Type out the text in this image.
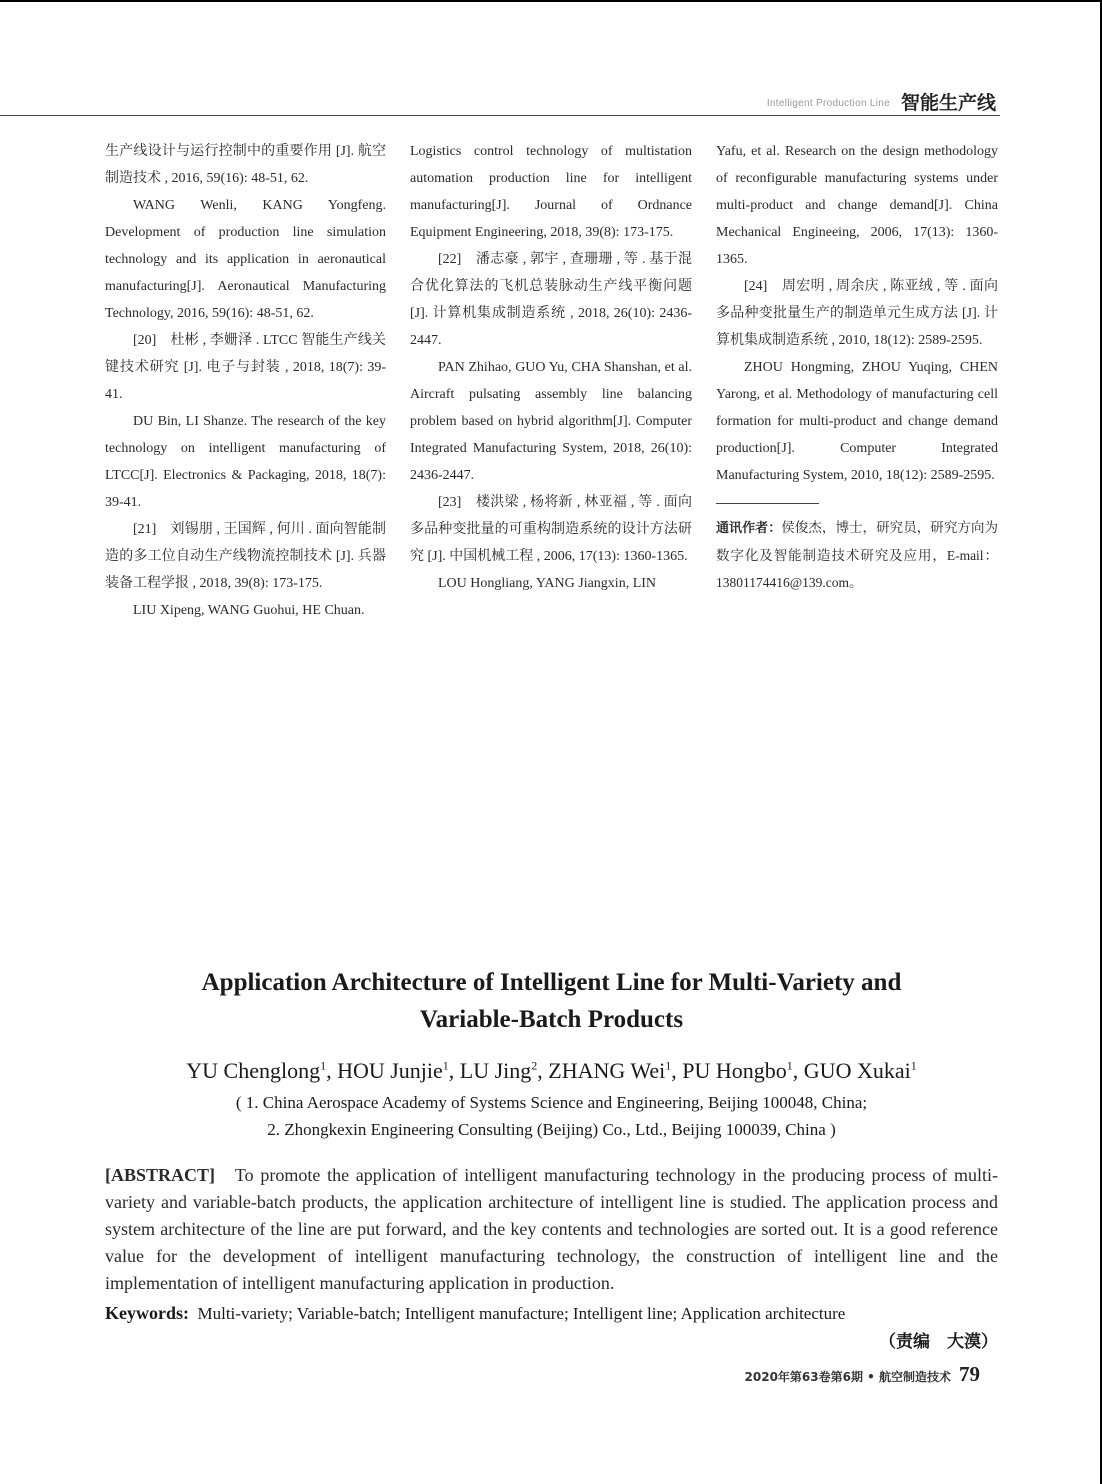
Intelligent Production Line 智能生产线

生产线设计与运行控制中的重要作用 [J]. 航空制造技术 , 2016, 59(16): 48-51, 62.

WANG Wenli, KANG Yongfeng. Development of production line simulation technology and its application in aeronautical manufacturing[J]. Aeronautical Manufacturing Technology, 2016, 59(16): 48-51, 62.

[20]　杜彬 , 李姗泽 . LTCC 智能生产线关键技术研究 [J]. 电子与封装 , 2018, 18(7): 39-41.

DU Bin, LI Shanze. The research of the key technology on intelligent manufacturing of LTCC[J]. Electronics & Packaging, 2018, 18(7): 39-41.

[21]　刘锡朋 , 王国辉 , 何川 . 面向智能制造的多工位自动生产线物流控制技术 [J]. 兵器装备工程学报 , 2018, 39(8): 173-175.

LIU Xipeng, WANG Guohui, HE Chuan.

Logistics control technology of multistation automation production line for intelligent manufacturing[J]. Journal of Ordnance Equipment Engineering, 2018, 39(8): 173-175.

[22]　潘志豪 , 郭宇 , 查珊珊 , 等 . 基于混合优化算法的飞机总装脉动生产线平衡问题 [J]. 计算机集成制造系统 , 2018, 26(10): 2436-2447.

PAN Zhihao, GUO Yu, CHA Shanshan, et al. Aircraft pulsating assembly line balancing problem based on hybrid algorithm[J]. Computer Integrated Manufacturing System, 2018, 26(10): 2436-2447.

[23]　楼洪梁 , 杨将新 , 林亚福 , 等 . 面向多品种变批量的可重构制造系统的设计方法研究 [J]. 中国机械工程 , 2006, 17(13): 1360-1365.

LOU Hongliang, YANG Jiangxin, LIN

Yafu, et al. Research on the design methodology of reconfigurable manufacturing systems under multi-product and change demand[J]. China Mechanical Engineeing, 2006, 17(13): 1360-1365.

[24]　周宏明 , 周余庆 , 陈亚绒 , 等 . 面向多品种变批量生产的制造单元生成方法 [J]. 计算机集成制造系统 , 2010, 18(12): 2589-2595.

ZHOU Hongming, ZHOU Yuqing, CHEN Yarong, et al. Methodology of manufacturing cell formation for multi-product and change demand production[J]. Computer Integrated Manufacturing System, 2010, 18(12): 2589-2595.

通讯作者：侯俊杰，博士，研究员，研究方向为数字化及智能制造技术研究及应用，E-mail：13801174416@139.com。

Application Architecture of Intelligent Line for Multi-Variety and
Variable-Batch Products
YU Chenglong$^1$, HOU Junjie$^1$, LU Jing$^2$, ZHANG Wei$^1$, PU Hongbo$^1$, GUO Xukai$^1$
( 1. China Aerospace Academy of Systems Science and Engineering, Beijing 100048, China;
2. Zhongkexin Engineering Consulting (Beijing) Co., Ltd., Beijing 100039, China )
[ABSTRACT] To promote the application of intelligent manufacturing technology in the producing process of multi-variety and variable-batch products, the application architecture of intelligent line is studied. The application process and system architecture of the line are put forward, and the key contents and technologies are sorted out. It is a good reference value for the development of intelligent manufacturing technology, the construction of intelligent line and the implementation of intelligent manufacturing application in production.
Keywords: Multi-variety; Variable-batch; Intelligent manufacture; Intelligent line; Application architecture
（责编　大漠）
2020年第63卷第6期 • 航空制造技术 79
